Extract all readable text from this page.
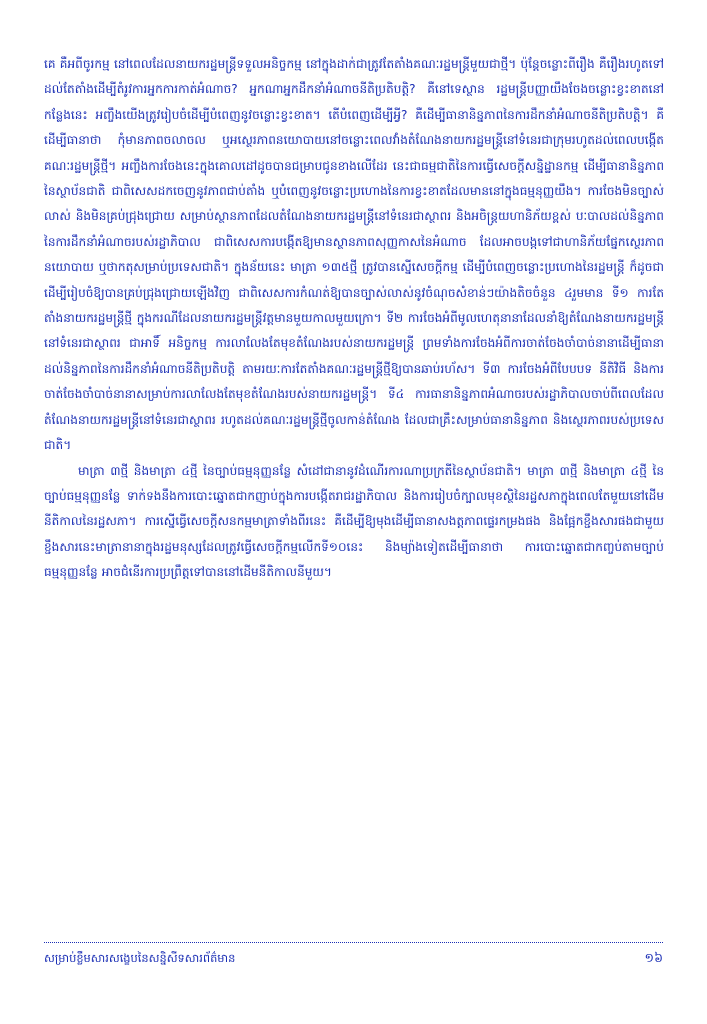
គេ គឺអពីចូរកម្ម នៅពេលដែលនាយករដ្ឋមន្ត្រីទទួលអនិច្ចកម្ម នៅក្នុងដាក់ជាត្រូវតែតាំងគណៈរដ្ឋមន្ត្រីមួយជាថ្មី។ ប៉ុន្តែចន្លោះពីរឿង គឺរឿងរហូតទៅដល់តែតាំងដើម្បីតំរូវការអ្នកការកាត់អំណាច? អ្នកណាអ្នកដឹកនាំអំណាចនីតិប្រតិបត្តិ? គឺនៅទេស្ថាន រដ្ឋមន្ត្រីបញ្ញាយឹងចែងចន្លោះខ្វះខាតនៅកន្លែងនេះ អញ្ចឹងយើងត្រូវរៀបចំដើម្បីបំពេញនូវចន្លោះខ្វះខាត។ តើបំពេញដើម្បីអ្វី? គឺដើម្បីធានានិន្នភាពនៃការដឹកនាំអំណាចនីតិប្រតិបត្តិ។ គឺដើម្បីធានាថា កុំមានភាពចលាចល ឬអស្ថេរភាពនយោបាយនៅចន្លោះពេលវាំងតំណែងនាយករដ្ឋមន្ត្រីនៅទំនេរជាក្រុមរហូតដល់ពេលបង្កើតគណៈរដ្ឋមន្ត្រីថ្មី។ អញ្ចឹងការចែងនេះក្នុងគោលដៅដូចបានជម្រាបជូនខាងលើដែរ នេះជាធម្មជាតិនៃការធ្វើសេចក្តីសន្និដ្ឋានកម្ម ដើម្បីធានានិន្នភាពនៃស្ថាប័នជាតិ ជាពិសេសដកចេញនូវភាពជាប់តាំង ឬបំពេញនូវចន្លោះប្រហោងនៃការខ្វះខាតដែលមាននៅក្នុងធម្មនុញ្ញយឹង។ ការចែងមិនច្បាស់លាស់ និងមិនគ្រប់ជ្រុងជ្រោយ សម្រាប់ស្ថានភាពដែលតំណែងនាយករដ្ឋមន្ត្រីនៅទំនេរជាស្ថាពរ និងអចិន្ត្រយហានិភ័យខ្ពស់ បៈបាលដល់និន្នភាពនៃការដឹកនាំអំណាចរបស់រដ្ឋាភិបាល ជាពិសេសការបង្កើតឱ្យមានស្ថានភាពសុញ្ញកាសនៃអំណាច ដែលអាចបង្កទៅជាហានិភ័យផ្នែកស្ថេរភាពនយោបាយ ឬថាកតុសម្រាប់ប្រទេសជាតិ។ ក្នុងន័យនេះ មាត្រា ១៣៥ថ្មី ត្រូវបានស្នើសេចក្តីកម្ម ដើម្បីបំពេញចន្លោះប្រហោងនៃរដ្ឋមន្ត្រី ក៏ដូចជា ដើម្បីរៀបចំឱ្យបានគ្រប់ជ្រុងជ្រោយឡើងវិញ ជាពិសេសការកំណត់ឱ្យបានច្បាស់លាស់នូវចំណុចសំខាន់ៗយ៉ាងតិចចំនួន ៤រួមមាន ទី១ ការតែតាំងនាយករដ្ឋមន្ត្រីថ្មី ក្នុងករណីដែលនាយករដ្ឋមន្ត្រីវត្តមានមួយកាលមួយក្រោ។ ទី២ ការចែងអំពីមូលហេតុនានាដែលនាំឱ្យតំណែងនាយករដ្ឋមន្ត្រីនៅទំនេរជាស្ថាពរ ជាអាទិ៍ អនិច្ចកម្ម ការលាលែងតែមុខតំណែងរបស់នាយករដ្ឋមន្ត្រី ព្រមទាំងការចែងអំពីការចាត់ចែងចាំបាច់នានាដើម្បីធានាដល់និន្នភាពនៃការដឹកនាំអំណាចនីតិប្រតិបត្តិ តាមរយៈការតែតាំងគណៈរដ្ឋមន្ត្រីថ្មីឱ្យបានឆាប់រហ័ស។ ទី៣ ការចែងអំពីបែបបទ នីតិវិធី និងការចាត់ចែងចាំបាច់នានាសម្រាប់ការលាលែងតែមុខតំណែងរបស់នាយករដ្ឋមន្ត្រី។ ទី៤ ការធានានិន្នភាពអំណាចរបស់រដ្ឋាភិបាលចាប់ពីពេលដែលតំណែងនាយករដ្ឋមន្ត្រីនៅទំនេរជាស្ថាពរ រហូតដល់គណៈរដ្ឋមន្ត្រីថ្មីចូលកាន់តំណែង ដែលជាគ្រឹះសម្រាប់ធានានិន្នភាព និងស្ថេរភាពរបស់ប្រទេសជាតិ។

មាត្រា ៣ថ្មី និងមាត្រា ៤ថ្មី នៃច្បាប់ធម្មនុញ្ញនន្លែ សំដៅជានានូវដំណើរការណាប្រក្រតីនៃស្ថាប័នជាតិ។ មាត្រា ៣ថ្មី និងមាត្រា ៤ថ្មី នៃច្បាប់ធម្មនុញ្ញនន្លែ ទាក់ទងនឹងការបោះឆ្នោតជាកញាប់ក្នុងការបង្កើតរាជរដ្ឋាភិបាល និងការរៀបចំក្បាលមុខសិ្ថនៃរដ្ឋសភាក្នុងពេលតែមួយនៅដើមនីតិកាលនៃរដ្ឋសភា។ ការស្នើធ្វើសេចក្តីសនកម្មមាត្រាទាំងពីរនេះ គឺដើម្បីឱ្យមុងដើម្បីធានាសងត្តភាពផ្ទេរកម្រងផង និងផ្អែកខ្ជឹងសារផងជាមួយខ្ជឹងសារនេះមាត្រានានាក្នុងរដ្ឋមនុស្សដែលត្រូវធ្វើសេចក្តីកម្មលើកទី១០នេះ និងម្យ៉ាងទៀតដើម្បីធានាថា ការបោះឆ្នោតជាកញ្ចប់តាមច្បាប់ធម្មនុញ្ញនន្លែ អាចជំនើរការប្រព្រឹត្តទៅបាននៅដើមនីតិកាលនីមួយ។

សម្រាប់ខ្លឹមសារសង្ខេបនៃសន្និសីទសារព័ត៌មាន	១៦
